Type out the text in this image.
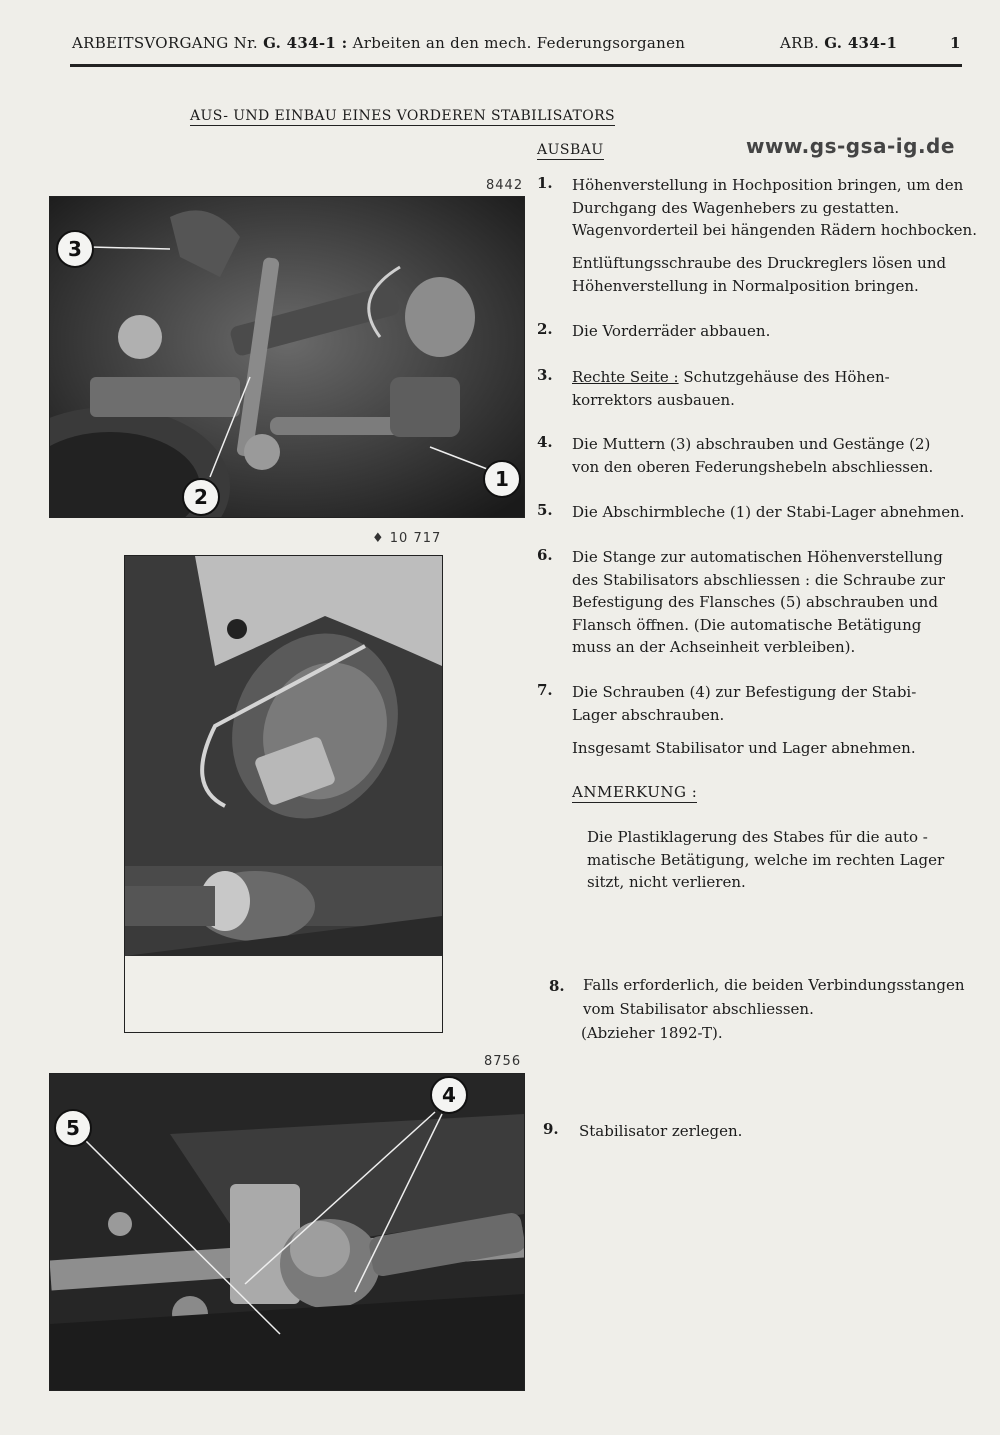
ARBEITSVORGANG Nr. G. 434-1 : Arbeiten an den mech. Federungsorganen	ARB. G. 434-1	1
AUS- UND EINBAU EINES VORDEREN STABILISATORS
www.gs-gsa-ig.de
AUSBAU
8442
3
2
1
♦ 10 717
8756
5
4
1. Höhenverstellung in Hochposition bringen, um den
Durchgang des Wagenhebers zu gestatten.
Wagenvorderteil bei hängenden Rädern hochbocken.
Entlüftungsschraube des Druckreglers lösen und
Höhenverstellung in Normalposition bringen.
2. Die Vorderräder abbauen.
3. Rechte Seite : Schutzgehäuse des Höhen-
korrektors ausbauen.
4. Die Muttern (3) abschrauben und Gestänge (2)
von den oberen Federungshebeln abschliessen.
5. Die Abschirmbleche (1) der Stabi-Lager abnehmen.
6. Die Stange zur automatischen Höhenverstellung
des Stabilisators abschliessen : die Schraube zur
Befestigung des Flansches (5) abschrauben und
Flansch öffnen. (Die automatische Betätigung
muss an der Achseinheit verbleiben).
7. Die Schrauben (4) zur Befestigung der Stabi-
Lager abschrauben.
Insgesamt Stabilisator und Lager abnehmen.
ANMERKUNG :
Die Plastiklagerung des Stabes für die auto -
matische Betätigung, welche im rechten Lager
sitzt, nicht verlieren.
8. Falls erforderlich, die beiden Verbindungsstangen
vom Stabilisator abschliessen.
(Abzieher 1892-T).
9. Stabilisator zerlegen.
